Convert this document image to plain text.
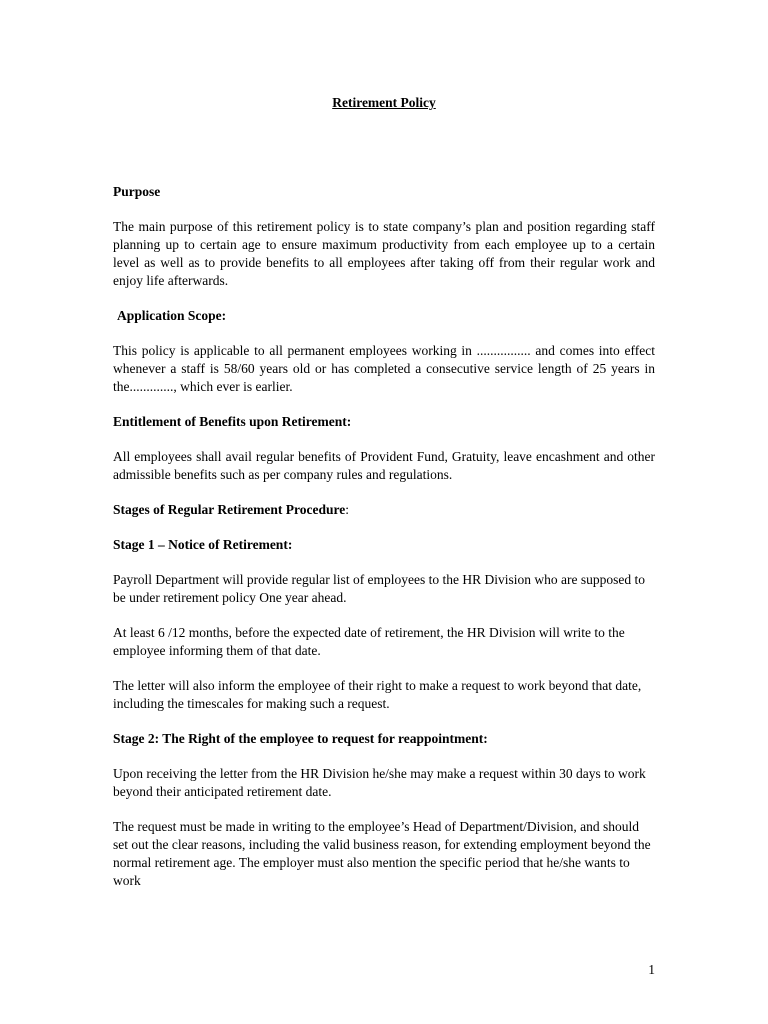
Retirement Policy
Purpose
The main purpose of this retirement policy is to state company’s plan and position regarding staff planning up to certain age to ensure maximum productivity from each employee up to a certain level as well as to provide benefits to all employees after taking off from their regular work and enjoy life afterwards.
Application Scope:
This policy is applicable to all permanent employees working in ................ and comes into effect whenever a staff is 58/60 years old or has completed a consecutive service length of 25 years in the............., which ever is earlier.
Entitlement of Benefits upon Retirement:
All employees shall avail regular benefits of Provident Fund, Gratuity, leave encashment and other admissible benefits such as per company rules and regulations.
Stages of Regular Retirement Procedure:
Stage 1 – Notice of Retirement:
Payroll Department will provide regular list of employees to the HR Division who are supposed to be under retirement policy One year ahead.
At least 6 /12 months, before the expected date of retirement, the HR Division will write to the employee informing them of that date.
The letter will also inform the employee of their right to make a request to work beyond that date, including the timescales for making such a request.
Stage 2: The Right of the employee to request for reappointment:
Upon receiving the letter from the HR Division he/she may make a request within 30 days to work beyond their anticipated retirement date.
The request must be made in writing to the employee’s Head of Department/Division, and should set out the clear reasons, including the valid business reason, for extending employment beyond the normal retirement age. The employer must also mention the specific period that he/she wants to work
1
